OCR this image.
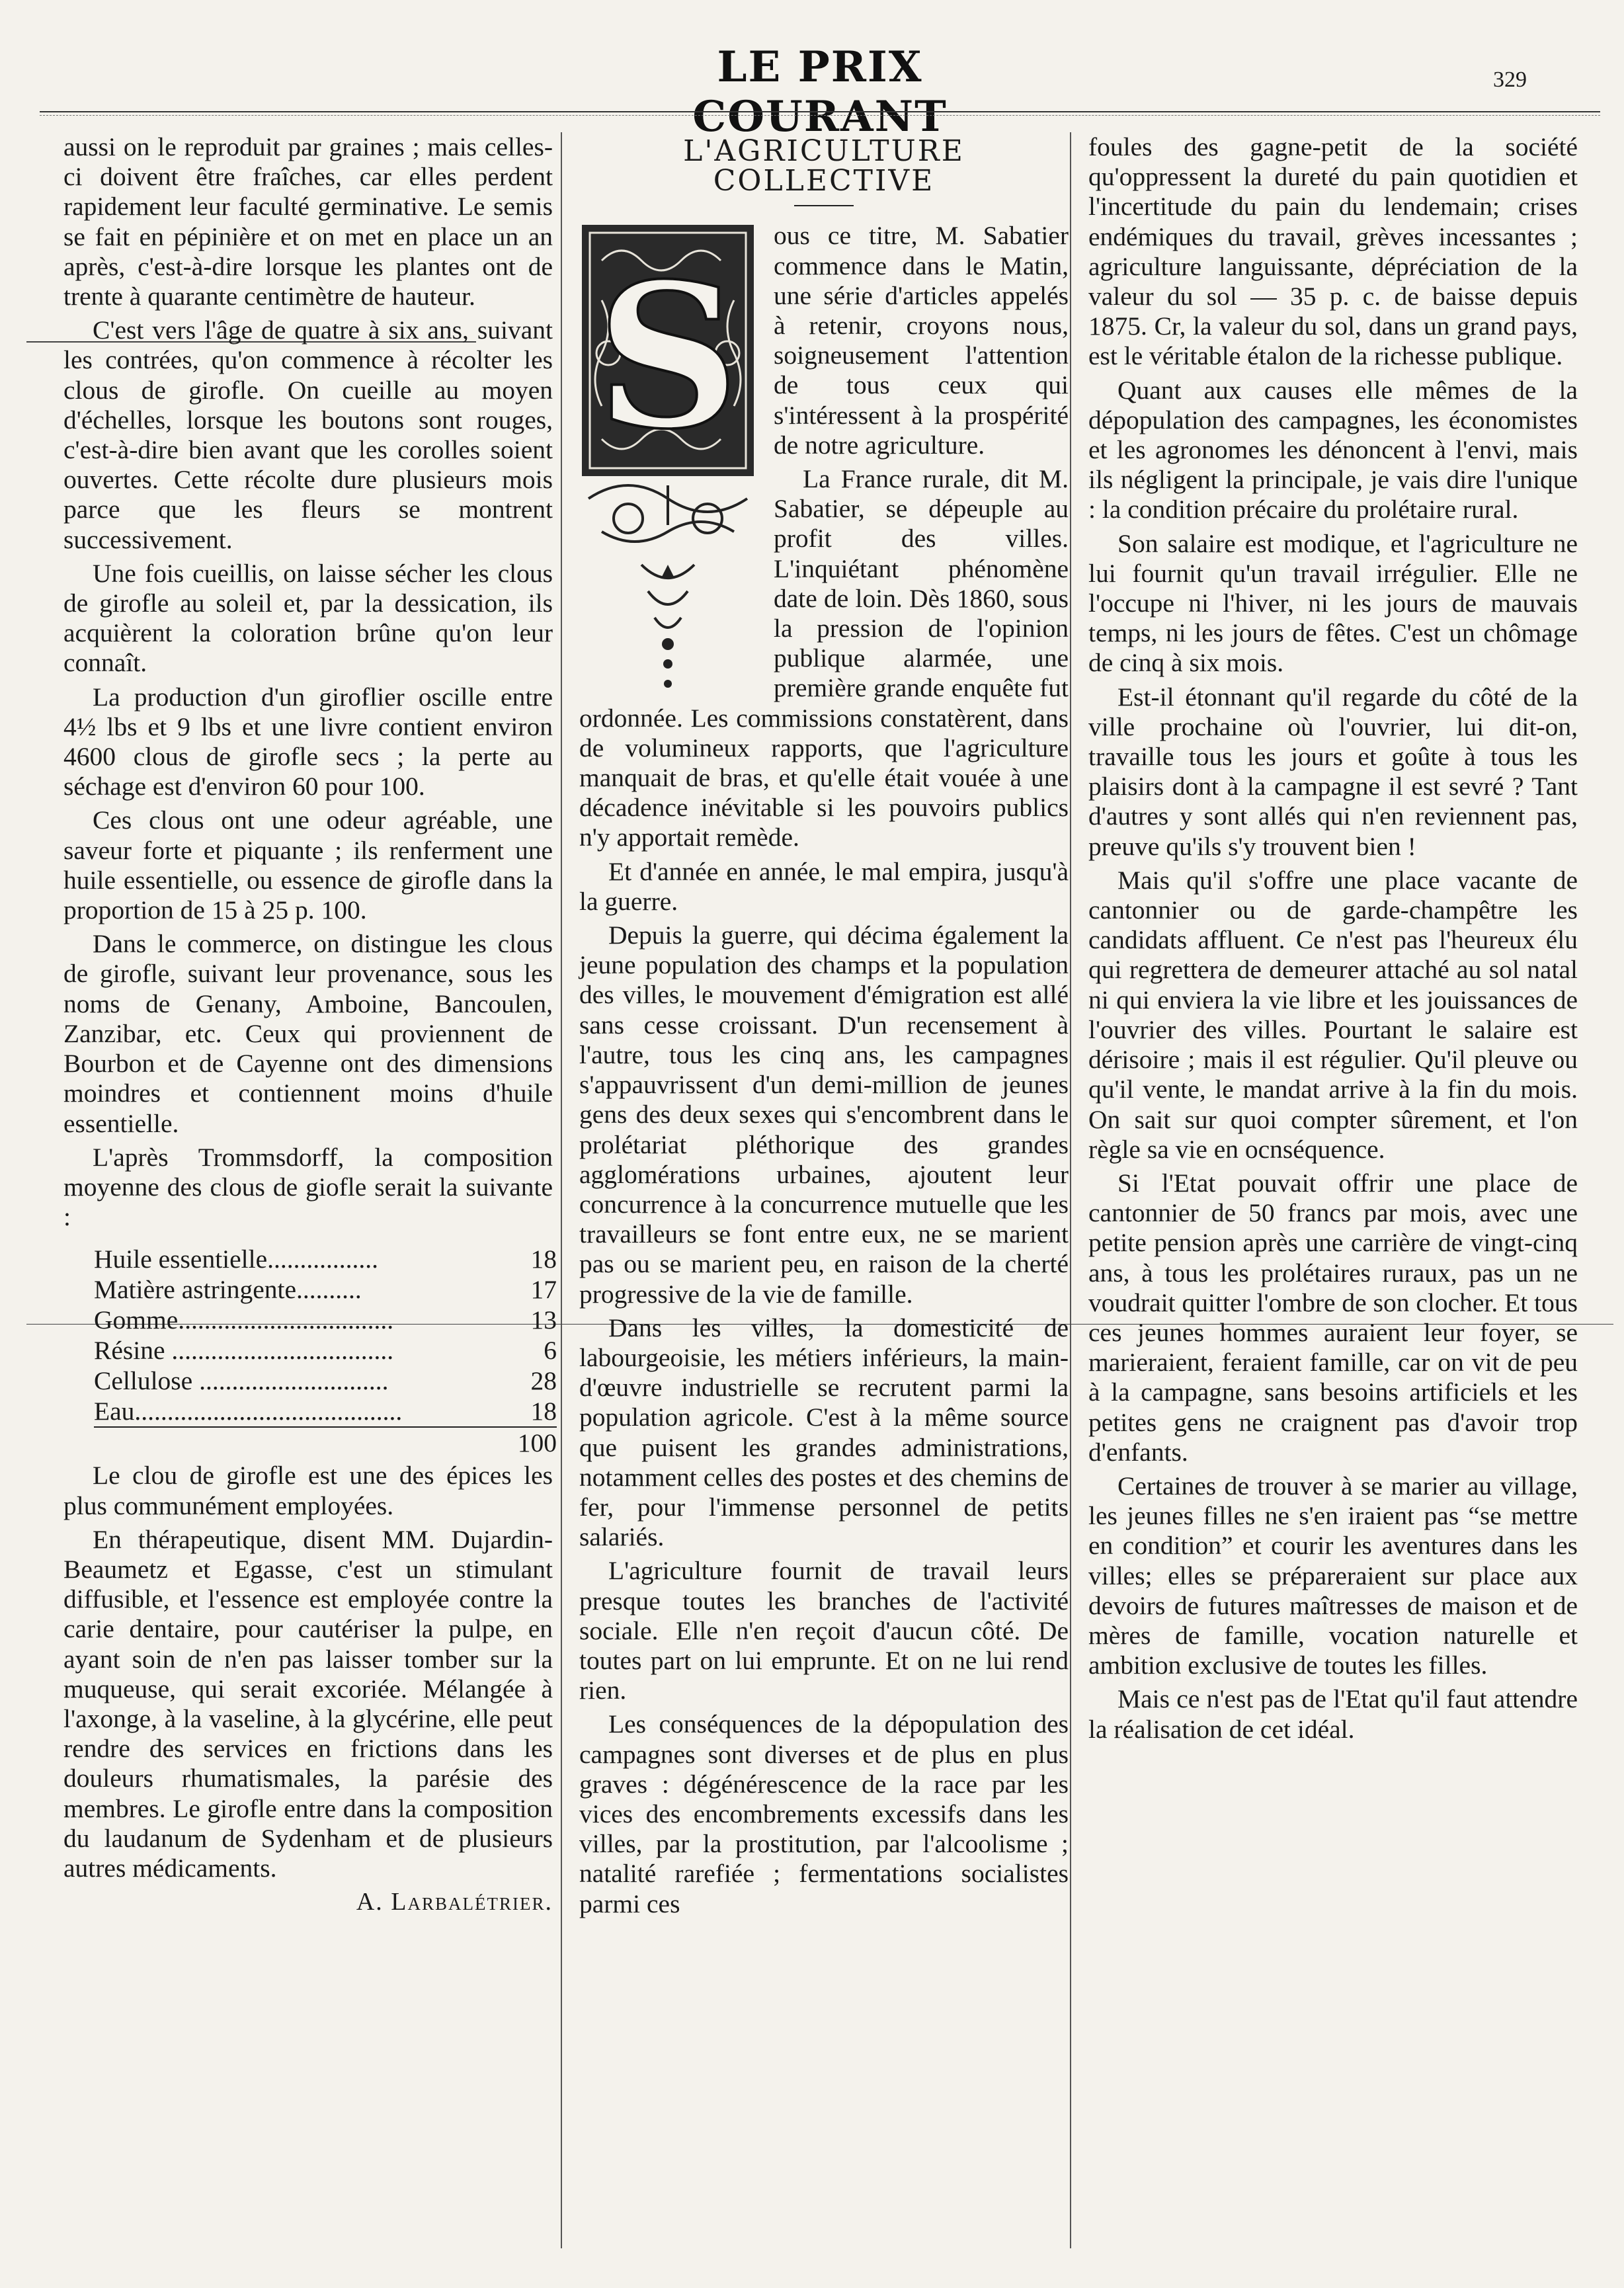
LE PRIX COURANT
329

aussi on le reproduit par graines ; mais celles-ci doivent être fraîches, car elles perdent rapidement leur faculté germinative. Le semis se fait en pépinière et on met en place un an après, c'est-à-dire lorsque les plantes ont de trente à quarante centimètre de hauteur.

C'est vers l'âge de quatre à six ans, suivant les contrées, qu'on commence à récolter les clous de girofle. On cueille au moyen d'échelles, lorsque les boutons sont rouges, c'est-à-dire bien avant que les corolles soient ouvertes. Cette récolte dure plusieurs mois parce que les fleurs se montrent successivement.

Une fois cueillis, on laisse sécher les clous de girofle au soleil et, par la dessication, ils acquièrent la coloration brûne qu'on leur connaît.

La production d'un giroflier oscille entre 4½ lbs et 9 lbs et une livre contient environ 4600 clous de girofle secs ; la perte au séchage est d'environ 60 pour 100.

Ces clous ont une odeur agréable, une saveur forte et piquante ; ils renferment une huile essentielle, ou essence de girofle dans la proportion de 15 à 25 p. 100.

Dans le commerce, on distingue les clous de girofle, suivant leur provenance, sous les noms de Genany, Amboine, Bancoulen, Zanzibar, etc. Ceux qui proviennent de Bourbon et de Cayenne ont des dimensions moindres et contiennent moins d'huile essentielle.

L'après Trommsdorff, la composition moyenne des clous de giofle serait la suivante :

Huile essentielle.................	18
Matière astringente..........	17
Gomme.................................	13
Résine ..................................	6
Cellulose .............................	28
Eau.........................................	18
	100

Le clou de girofle est une des épices les plus communément employées.

En thérapeutique, disent MM. Dujardin-Beaumetz et Egasse, c'est un stimulant diffusible, et l'essence est employée contre la carie dentaire, pour cautériser la pulpe, en ayant soin de n'en pas laisser tomber sur la muqueuse, qui serait excoriée. Mélangée à l'axonge, à la vaseline, à la glycérine, elle peut rendre des services en frictions dans les douleurs rhumatismales, la parésie des membres. Le girofle entre dans la composition du laudanum de Sydenham et de plusieurs autres médicaments.

A. Larbalétrier.

L'AGRICULTURE COLLECTIVE
S

ous ce titre, M. Sabatier commence dans le Matin, une série d'articles appelés à retenir, croyons nous, soigneusement l'attention de tous ceux qui s'intéressent à la prospérité de notre agriculture.

La France rurale, dit M. Sabatier, se dépeuple au profit des villes. L'inquiétant phénomène date de loin. Dès 1860, sous la pression de l'opinion publique alarmée, une première grande enquête fut ordonnée. Les commissions constatèrent, dans de volumineux rapports, que l'agriculture manquait de bras, et qu'elle était vouée à une décadence inévitable si les pouvoirs publics n'y apportait remède.

Et d'année en année, le mal empira, jusqu'à la guerre.

Depuis la guerre, qui décima également la jeune population des champs et la population des villes, le mouvement d'émigration est allé sans cesse croissant. D'un recensement à l'autre, tous les cinq ans, les campagnes s'appauvrissent d'un demi-million de jeunes gens des deux sexes qui s'encombrent dans le prolétariat pléthorique des grandes agglomérations urbaines, ajoutent leur concurrence à la concurrence mutuelle que les travailleurs se font entre eux, ne se marient pas ou se marient peu, en raison de la cherté progressive de la vie de famille.

Dans les villes, la domesticité de labourgeoisie, les métiers inférieurs, la main-d'œuvre industrielle se recrutent parmi la population agricole. C'est à la même source que puisent les grandes administrations, notamment celles des postes et des chemins de fer, pour l'immense personnel de petits salariés.

L'agriculture fournit de travail leurs presque toutes les branches de l'activité sociale. Elle n'en reçoit d'aucun côté. De toutes part on lui emprunte. Et on ne lui rend rien.

Les conséquences de la dépopulation des campagnes sont diverses et de plus en plus graves : dégénérescence de la race par les vices des encombrements excessifs dans les villes, par la prostitution, par l'alcoolisme ; natalité rarefiée ; fermentations socialistes parmi ces

foules des gagne-petit de la société qu'oppressent la dureté du pain quotidien et l'incertitude du pain du lendemain; crises endémiques du travail, grèves incessantes ; agriculture languissante, dépréciation de la valeur du sol — 35 p. c. de baisse depuis 1875. Cr, la valeur du sol, dans un grand pays, est le véritable étalon de la richesse publique.

Quant aux causes elle mêmes de la dépopulation des campagnes, les économistes et les agronomes les dénoncent à l'envi, mais ils négligent la principale, je vais dire l'unique : la condition précaire du prolétaire rural.

Son salaire est modique, et l'agriculture ne lui fournit qu'un travail irrégulier. Elle ne l'occupe ni l'hiver, ni les jours de mauvais temps, ni les jours de fêtes. C'est un chômage de cinq à six mois.

Est-il étonnant qu'il regarde du côté de la ville prochaine où l'ouvrier, lui dit-on, travaille tous les jours et goûte à tous les plaisirs dont à la campagne il est sevré ? Tant d'autres y sont allés qui n'en reviennent pas, preuve qu'ils s'y trouvent bien !

Mais qu'il s'offre une place vacante de cantonnier ou de garde-champêtre les candidats affluent. Ce n'est pas l'heureux élu qui regrettera de demeurer attaché au sol natal ni qui enviera la vie libre et les jouissances de l'ouvrier des villes. Pourtant le salaire est dérisoire ; mais il est régulier. Qu'il pleuve ou qu'il vente, le mandat arrive à la fin du mois. On sait sur quoi compter sûrement, et l'on règle sa vie en ocnséquence.

Si l'Etat pouvait offrir une place de cantonnier de 50 francs par mois, avec une petite pension après une carrière de vingt-cinq ans, à tous les prolétaires ruraux, pas un ne voudrait quitter l'ombre de son clocher. Et tous ces jeunes hommes auraient leur foyer, se marieraient, feraient famille, car on vit de peu à la campagne, sans besoins artificiels et les petites gens ne craignent pas d'avoir trop d'enfants.

Certaines de trouver à se marier au village, les jeunes filles ne s'en iraient pas “se mettre en condition” et courir les aventures dans les villes; elles se prépareraient sur place aux devoirs de futures maîtresses de maison et de mères de famille, vocation naturelle et ambition exclusive de toutes les filles.

Mais ce n'est pas de l'Etat qu'il faut attendre la réalisation de cet idéal.
